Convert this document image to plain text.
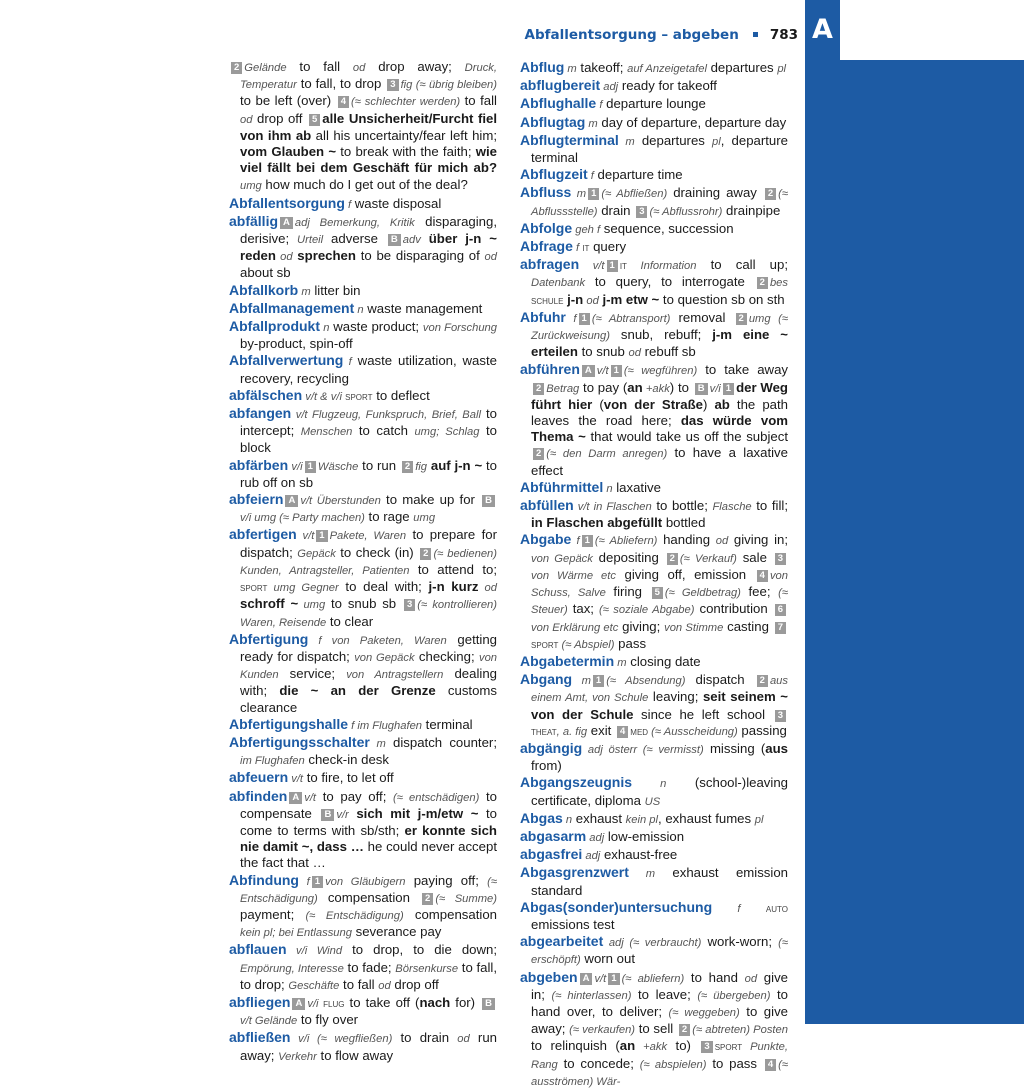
A
Abfallentsorgung – abgeben 783

2 Gelände to fall od drop away; Druck, Temperatur to fall, to drop 3 fig (≈ übrig bleiben) to be left (over) 4 (≈ schlechter werden) to fall od drop off 5 alle Unsicherheit/Furcht fiel von ihm ab all his uncertainty/fear left him; vom Glauben ~ to break with the faith; wie viel fällt bei dem Geschäft für mich ab? umg how much do I get out of the deal?

Abfallentsorgung f waste disposal

abfällig A adj Bemerkung, Kritik disparaging, derisive; Urteil adverse B adv über j-n ~ reden od sprechen to be disparaging of od about sb

Abfallkorb m litter bin

Abfallmanagement n waste management

Abfallprodukt n waste product; von Forschung by-product, spin-off

Abfallverwertung f waste utilization, waste recovery, recycling

abfälschen v/t & v/i sport to deflect

abfangen v/t Flugzeug, Funkspruch, Brief, Ball to intercept; Menschen to catch umg; Schlag to block

abfärben v/i 1 Wäsche to run 2 fig auf j-n ~ to rub off on sb

abfeiern A v/t Überstunden to make up for Bv/i umg (≈ Party machen) to rage umg

abfertigen v/t 1 Pakete, Waren to prepare for dispatch; Gepäck to check (in) 2 (≈ bedienen) Kunden, Antragsteller, Patienten to attend to; sport umg Gegner to deal with; j-n kurz od schroff ~ umg to snub sb 3 (≈ kontrollieren) Waren, Reisende to clear

Abfertigung f von Paketen, Waren getting ready for dispatch; von Gepäck checking; von Kunden service; von Antragstellern dealing with; die ~ an der Grenze customs clearance

Abfertigungshalle f im Flughafen terminal

Abfertigungsschalter m dispatch counter; im Flughafen check-in desk

abfeuern v/t to fire, to let off

abfinden A v/t to pay off; (≈ entschädigen) to compensate B v/r sich mit j-m/etw ~ to come to terms with sb/sth; er konnte sich nie damit ~, dass … he could never accept the fact that …

Abfindung f 1 von Gläubigern paying off; (≈ Entschädigung) compensation 2 (≈ Summe) payment; (≈ Entschädigung) compensation kein pl; bei Entlassung severance pay

abflauen v/i Wind to drop, to die down; Empörung, Interesse to fade; Börsenkurse to fall, to drop; Geschäfte to fall od drop off

abfliegen A v/i flug to take off (nach for) Bv/t Gelände to fly over

abfließen v/i (≈ wegfließen) to drain od run away; Verkehr to flow away

Abflug m takeoff; auf Anzeigetafel departures pl

abflugbereit adj ready for takeoff

Abflughalle f departure lounge

Abflugtag m day of departure, departure day

Abflugterminal m departures pl, departure terminal

Abflugzeit f departure time

Abfluss m 1 (≈ Abfließen) draining away 2 (≈ Abflussstelle) drain 3 (≈ Abflussrohr) drainpipe

Abfolge geh f sequence, succession

Abfrage f it query

abfragen v/t 1 it Information to call up; Datenbank to query, to interrogate 2 bes schule j-n od j-m etw ~ to question sb on sth

Abfuhr f 1 (≈ Abtransport) removal 2 umg (≈ Zurückweisung) snub, rebuff; j-m eine ~ erteilen to snub od rebuff sb

abführen A v/t 1 (≈ wegführen) to take away 2 Betrag to pay (an +akk) to B v/i 1 der Weg führt hier (von der Straße) ab the path leaves the road here; das würde vom Thema ~ that would take us off the subject 2 (≈ den Darm anregen) to have a laxative effect

Abführmittel n laxative

abfüllen v/t in Flaschen to bottle; Flasche to fill; in Flaschen abgefüllt bottled

Abgabe f 1 (≈ Abliefern) handing od giving in; von Gepäck depositing 2 (≈ Verkauf) sale 3von Wärme etc giving off, emission 4 von Schuss, Salve firing 5 (≈ Geldbetrag) fee; (≈ Steuer) tax; (≈ soziale Abgabe) contribution 6von Erklärung etc giving; von Stimme casting 7sport (≈ Abspiel) pass

Abgabetermin m closing date

Abgang m 1 (≈ Absendung) dispatch 2 aus einem Amt, von Schule leaving; seit seinem ~ von der Schule since he left school 3theat, a. fig exit 4 med (≈ Ausscheidung) passing

abgängig adj österr (≈ vermisst) missing (aus from)

Abgangszeugnis n (school-)leaving certificate, diploma US

Abgas n exhaust kein pl, exhaust fumes pl

abgasarm adj low-emission

abgasfrei adj exhaust-free

Abgasgrenzwert m exhaust emission standard

Abgas(sonder)untersuchung f auto emissions test

abgearbeitet adj (≈ verbraucht) work-worn; (≈ erschöpft) worn out

abgeben A v/t 1 (≈ abliefern) to hand od give in; (≈ hinterlassen) to leave; (≈ übergeben) to hand over, to deliver; (≈ weggeben) to give away; (≈ verkaufen) to sell 2 (≈ abtreten) Posten to relinquish (an +akk to) 3 sport Punkte, Rang to concede; (≈ abspielen) to pass 4 (≈ ausströmen) Wär-
